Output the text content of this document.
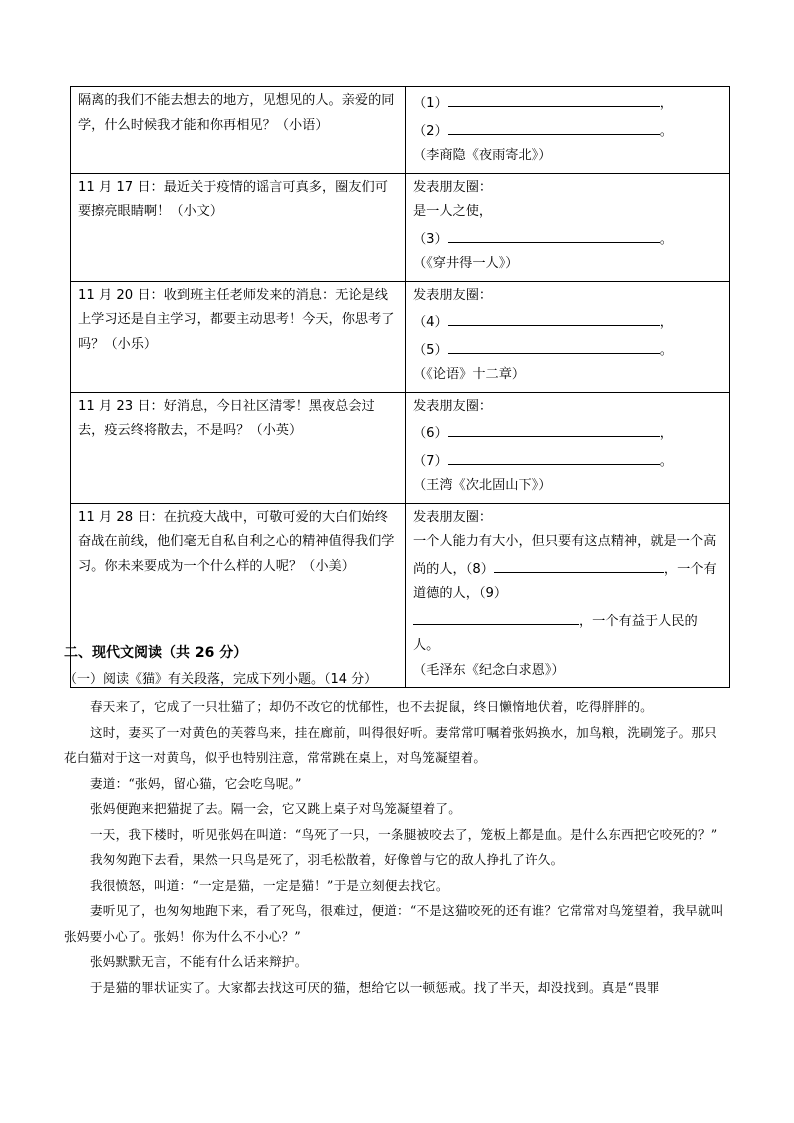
隔离的我们不能去想去的地方，见想见的人。亲爱的同学，什么时候我才能和你再相见？（小语）	（1） ，
（2） 。
（李商隐《夜雨寄北》）

11 月 17 日：最近关于疫情的谣言可真多，圈友们可要擦亮眼睛啊！（小文）	发表朋友圈：
是一人之使，
（3） 。
（《穿井得一人》）

11 月 20 日：收到班主任老师发来的消息：无论是线上学习还是自主学习，都要主动思考！今天，你思考了吗？（小乐）	发表朋友圈：
（4） ，
（5） 。
（《论语》十二章）

11 月 23 日：好消息，今日社区清零！黑夜总会过去，疫云终将散去，不是吗？（小英）	发表朋友圈：
（6） ，
（7） 。
（王湾《次北固山下》）

11 月 28 日：在抗疫大战中，可敬可爱的大白们始终奋战在前线，他们毫无自私自利之心的精神值得我们学习。你未来要成为一个什么样的人呢？（小美）	发表朋友圈：
一个人能力有大小，但只要有这点精神，就是一个高尚的人，（8） ，一个有道德的人，（9）
，一个有益于人民的人。
（毛泽东《纪念白求恩》）
二、现代文阅读（共 26 分）
（一）阅读《猫》有关段落，完成下列小题。（14 分）

春天来了，它成了一只壮猫了；却仍不改它的忧郁性，也不去捉鼠，终日懒惰地伏着，吃得胖胖的。

这时，妻买了一对黄色的芙蓉鸟来，挂在廊前，叫得很好听。妻常常叮嘱着张妈换水，加鸟粮，洗刷笼子。那只花白猫对于这一对黄鸟，似乎也特别注意，常常跳在桌上，对鸟笼凝望着。

妻道：“张妈，留心猫，它会吃鸟呢。”

张妈便跑来把猫捉了去。隔一会，它又跳上桌子对鸟笼凝望着了。

一天，我下楼时，听见张妈在叫道：“鸟死了一只，一条腿被咬去了，笼板上都是血。是什么东西把它咬死的？”

我匆匆跑下去看，果然一只鸟是死了，羽毛松散着，好像曾与它的敌人挣扎了许久。

我很愤怒，叫道：“一定是猫，一定是猫！”于是立刻便去找它。

妻听见了，也匆匆地跑下来，看了死鸟，很难过，便道：“不是这猫咬死的还有谁？它常常对鸟笼望着，我早就叫张妈要小心了。张妈！你为什么不小心？”

张妈默默无言，不能有什么话来辩护。

于是猫的罪状证实了。大家都去找这可厌的猫，想给它以一顿惩戒。找了半天，却没找到。真是“畏罪
